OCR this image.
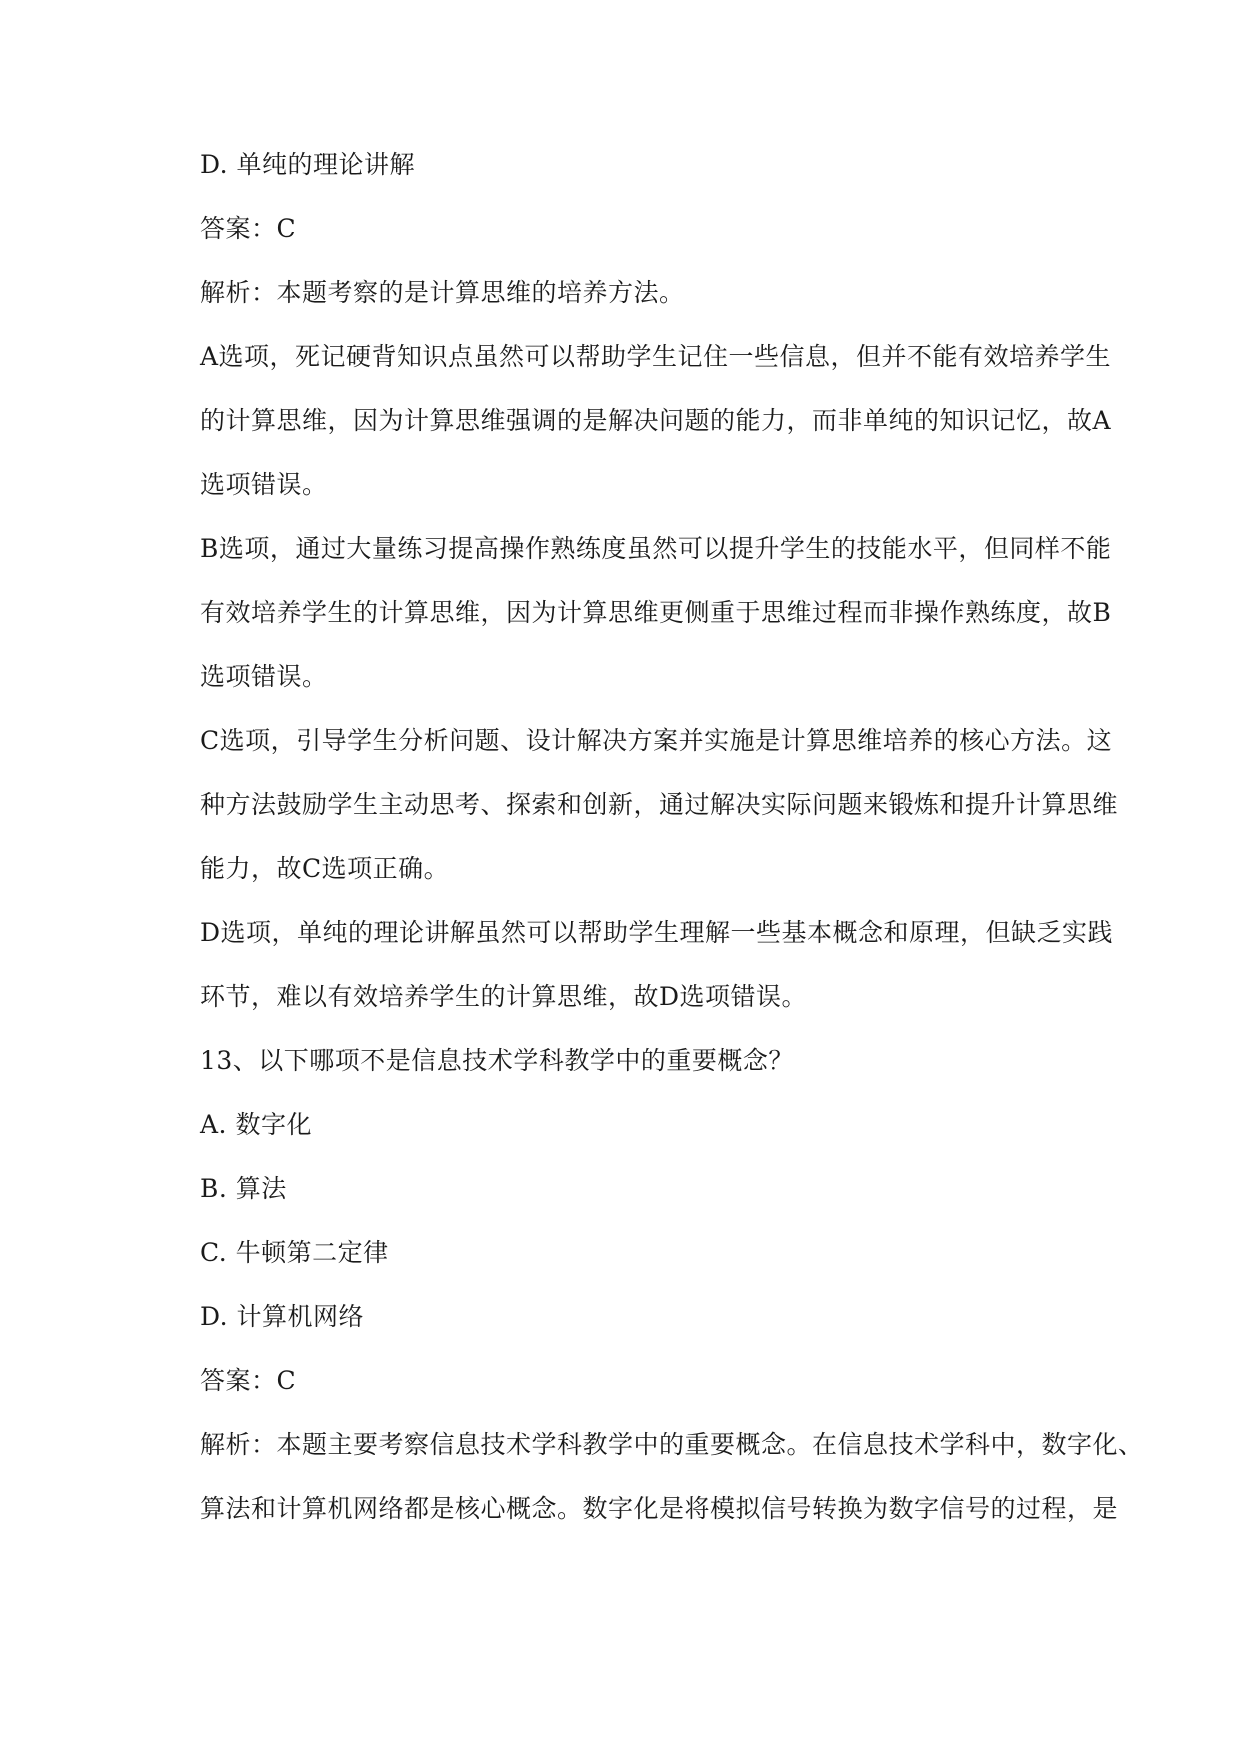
D. 单纯的理论讲解
答案：C
解析：本题考察的是计算思维的培养方法。
A选项，死记硬背知识点虽然可以帮助学生记住一些信息，但并不能有效培养学生
的计算思维，因为计算思维强调的是解决问题的能力，而非单纯的知识记忆，故A
选项错误。
B选项，通过大量练习提高操作熟练度虽然可以提升学生的技能水平，但同样不能
有效培养学生的计算思维，因为计算思维更侧重于思维过程而非操作熟练度，故B
选项错误。
C选项，引导学生分析问题、设计解决方案并实施是计算思维培养的核心方法。这
种方法鼓励学生主动思考、探索和创新，通过解决实际问题来锻炼和提升计算思维
能力，故C选项正确。
D选项，单纯的理论讲解虽然可以帮助学生理解一些基本概念和原理，但缺乏实践
环节，难以有效培养学生的计算思维，故D选项错误。
13、以下哪项不是信息技术学科教学中的重要概念？
A. 数字化
B. 算法
C. 牛顿第二定律
D. 计算机网络
答案：C
解析：本题主要考察信息技术学科教学中的重要概念。在信息技术学科中，数字化、
算法和计算机网络都是核心概念。数字化是将模拟信号转换为数字信号的过程，是
